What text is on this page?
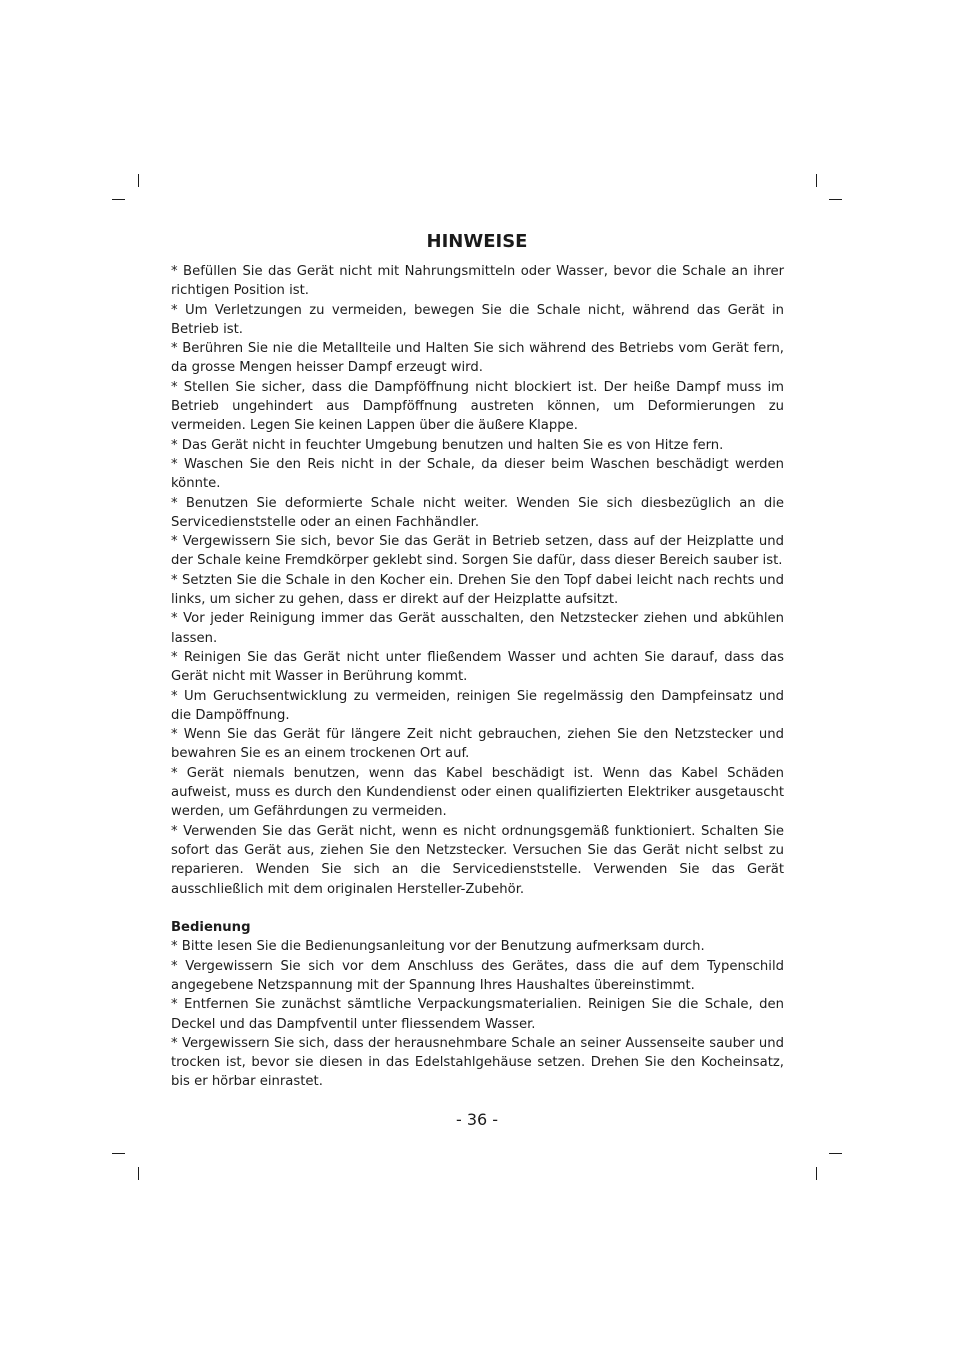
HINWEISE

* Befüllen Sie das Gerät nicht mit Nahrungsmitteln oder Wasser, bevor die Schale an ihrer richtigen Position ist.

* Um Verletzungen zu vermeiden, bewegen Sie die Schale nicht, während das Gerät in Betrieb ist.

* Berühren Sie nie die Metallteile und Halten Sie sich während des Betriebs vom Gerät fern, da grosse Mengen heisser Dampf erzeugt wird.

* Stellen Sie sicher, dass die Dampföffnung nicht blockiert ist. Der heiße Dampf muss im Betrieb ungehindert aus Dampföffnung austreten können, um Deformierungen zu vermeiden. Legen Sie keinen Lappen über die äußere Klappe.

* Das Gerät nicht in feuchter Umgebung benutzen und halten Sie es von Hitze fern.

* Waschen Sie den Reis nicht in der Schale, da dieser beim Waschen beschädigt werden könnte.

* Benutzen Sie deformierte Schale nicht weiter. Wenden Sie sich diesbezüglich an die Servicedienststelle oder an einen Fachhändler.

* Vergewissern Sie sich, bevor Sie das Gerät in Betrieb setzen, dass auf der Heizplatte und der Schale keine Fremdkörper geklebt sind. Sorgen Sie dafür, dass dieser Bereich sauber ist.

* Setzten Sie die Schale in den Kocher ein. Drehen Sie den Topf dabei leicht nach rechts und links, um sicher zu gehen, dass er direkt auf der Heizplatte aufsitzt.

* Vor jeder Reinigung immer das Gerät ausschalten, den Netzstecker ziehen und abkühlen lassen.

* Reinigen Sie das Gerät nicht unter fließendem Wasser und achten Sie darauf, dass das Gerät nicht mit Wasser in Berührung kommt.

* Um Geruchsentwicklung zu vermeiden, reinigen Sie regelmässig den Dampfeinsatz und die Dampöffnung.

* Wenn Sie das Gerät für längere Zeit nicht gebrauchen, ziehen Sie den Netzstecker und bewahren Sie es an einem trockenen Ort auf.

* Gerät niemals benutzen, wenn das Kabel beschädigt ist. Wenn das Kabel Schäden aufweist, muss es durch den Kundendienst oder einen qualifizierten Elektriker ausgetauscht werden, um Gefährdungen zu vermeiden.

* Verwenden Sie das Gerät nicht, wenn es nicht ordnungsgemäß funktioniert. Schalten Sie sofort das Gerät aus, ziehen Sie den Netzstecker. Versuchen Sie das Gerät nicht selbst zu reparieren. Wenden Sie sich an die Servicedienststelle. Verwenden Sie das Gerät ausschließlich mit dem originalen Hersteller-Zubehör.

Bedienung

* Bitte lesen Sie die Bedienungsanleitung vor der Benutzung aufmerksam durch.

* Vergewissern Sie sich vor dem Anschluss des Gerätes, dass die auf dem Typenschild angegebene Netzspannung mit der Spannung Ihres Haushaltes übereinstimmt.

* Entfernen Sie zunächst sämtliche Verpackungsmaterialien. Reinigen Sie die Schale, den Deckel und das Dampfventil unter fliessendem Wasser.

* Vergewissern Sie sich, dass der herausnehmbare Schale an seiner Aussenseite sauber und trocken ist, bevor sie diesen in das Edelstahlgehäuse setzen. Drehen Sie den Kocheinsatz, bis er hörbar einrastet.

- 36 -
